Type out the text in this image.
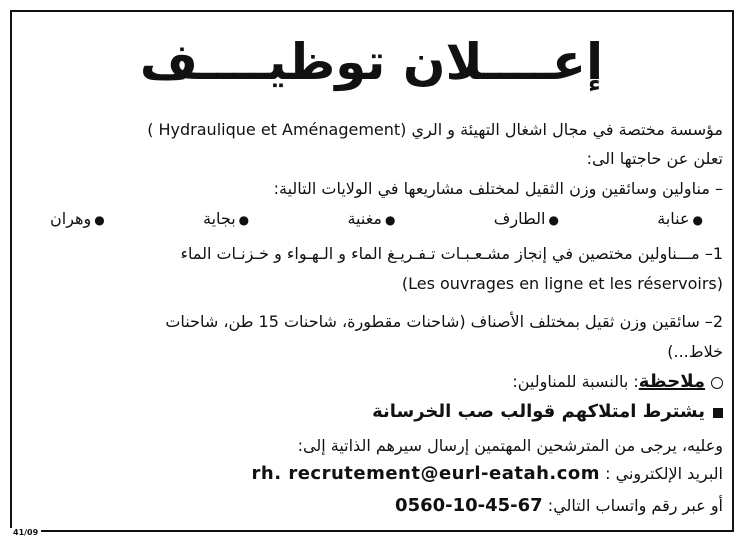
إعــــلان توظيــــف
مؤسسة مختصة في مجال اشغال التهيئة و الري ( Hydraulique et Aménagement)
تعلن عن حاجتها الى:
– مناولين وسائقين وزن الثقيل لمختلف مشاريعها في الولايات التالية:
●عنابة
●الطارف
●مغنية
●بجاية
●وهران
1– مـــناولين مختصين في إنجاز مشـعـبـات تـفـريـغ الماء و الـهـواء و خـزنـات الماء
(Les ouvrages en ligne et les réservoirs)
2– سائقين وزن ثقيل بمختلف الأصناف (شاحنات مقطورة، شاحنات 15 طن، شاحنات
خلاط...)
ملاحظة: بالنسبة للمناولين:
يشترط امتلاكهم قوالب صب الخرسانة
وعليه، يرجى من المترشحين المهتمين إرسال سيرهم الذاتية إلى:
البريد الإلكتروني : rh. recrutement@eurl-eatah.com
أو عبر رقم واتساب التالي: 0560-10-45-67
41/09
